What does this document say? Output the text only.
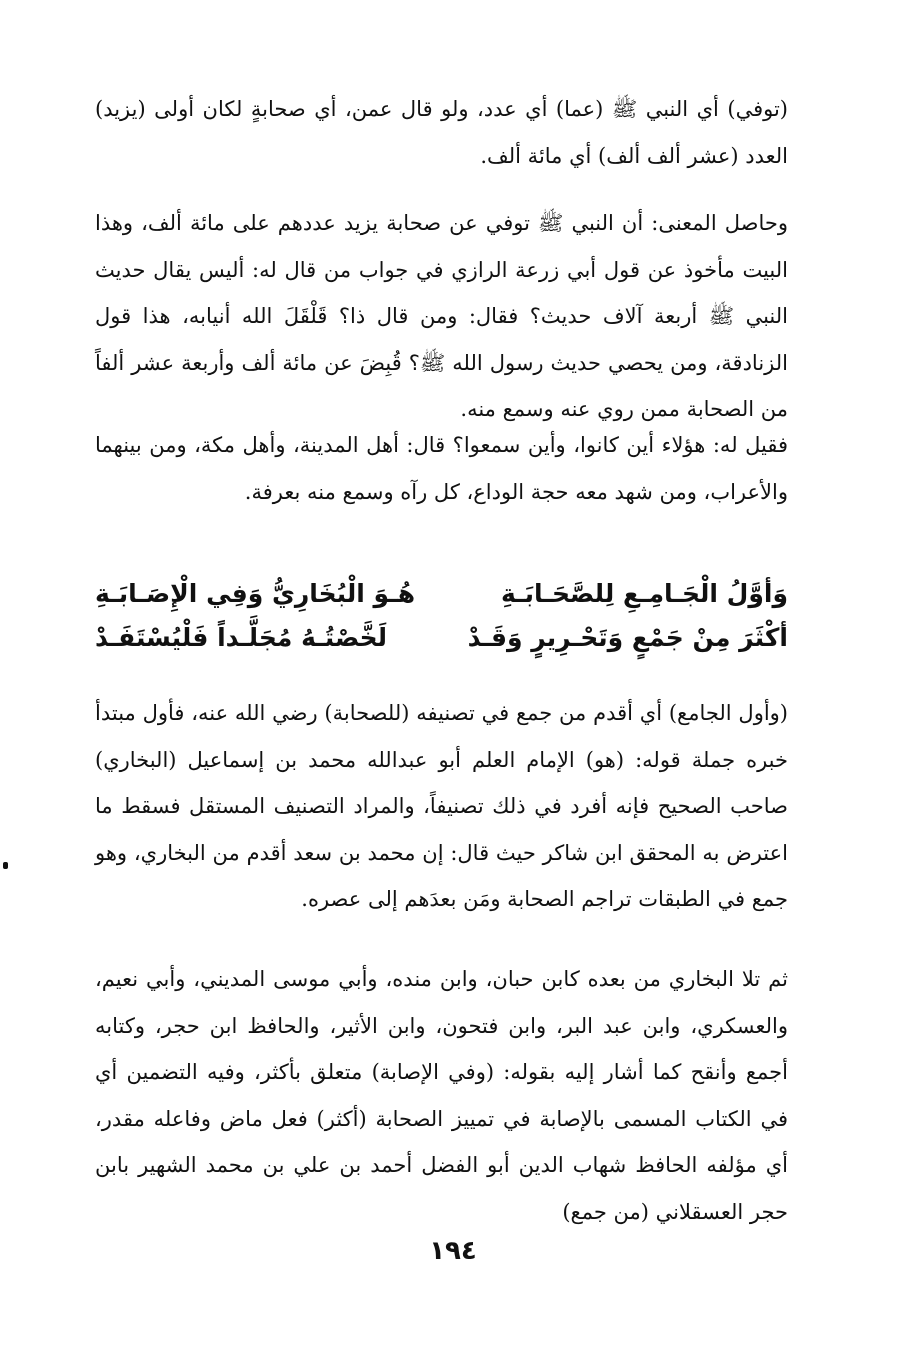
(توفي) أي النبي ﷺ (عما) أي عدد، ولو قال عمن، أي صحابةٍ لكان أولى (يزيد) العدد (عشر ألف ألف) أي مائة ألف.

وحاصل المعنى: أن النبي ﷺ توفي عن صحابة يزيد عددهم على مائة ألف، وهذا البيت مأخوذ عن قول أبي زرعة الرازي في جواب من قال له: أليس يقال حديث النبي ﷺ أربعة آلاف حديث؟ فقال: ومن قال ذا؟ قَلْقَلَ الله أنيابه، هذا قول الزنادقة، ومن يحصي حديث رسول الله ﷺ؟ قُبِضَ عن مائة ألف وأربعة عشر ألفاً من الصحابة ممن روي عنه وسمع منه.

فقيل له: هؤلاء أين كانوا، وأين سمعوا؟ قال: أهل المدينة، وأهل مكة، ومن بينهما والأعراب، ومن شهد معه حجة الوداع، كل رآه وسمع منه بعرفة.

وَأوَّلُ الْجَـامِـعِ لِلصَّحَـابَـةِ
هُـوَ الْبُخَارِيُّ وَفِي الْإِصَـابَـةِ
أكْثَرَ مِنْ جَمْعٍ وَتَحْـرِيرٍ وَقَـدْ
لَخَّصْتُـهُ مُجَلَّـداً فَلْيُسْتَفَـدْ

(وأول الجامع) أي أقدم من جمع في تصنيفه (للصحابة) رضي الله عنه، فأول مبتدأ خبره جملة قوله: (هو) الإمام العلم أبو عبدالله محمد بن إسماعيل (البخاري) صاحب الصحيح فإنه أفرد في ذلك تصنيفاً، والمراد التصنيف المستقل فسقط ما اعترض به المحقق ابن شاكر حيث قال: إن محمد بن سعد أقدم من البخاري، وهو جمع في الطبقات تراجم الصحابة ومَن بعدَهم إلى عصره.

ثم تلا البخاري من بعده كابن حبان، وابن منده، وأبي موسى المديني، وأبي نعيم، والعسكري، وابن عبد البر، وابن فتحون، وابن الأثير، والحافظ ابن حجر، وكتابه أجمع وأنقح كما أشار إليه بقوله: (وفي الإصابة) متعلق بأكثر، وفيه التضمين أي في الكتاب المسمى بالإصابة في تمييز الصحابة (أكثر) فعل ماض وفاعله مقدر، أي مؤلفه الحافظ شهاب الدين أبو الفضل أحمد بن علي بن محمد الشهير بابن حجر العسقلاني (من جمع)

١٩٤
